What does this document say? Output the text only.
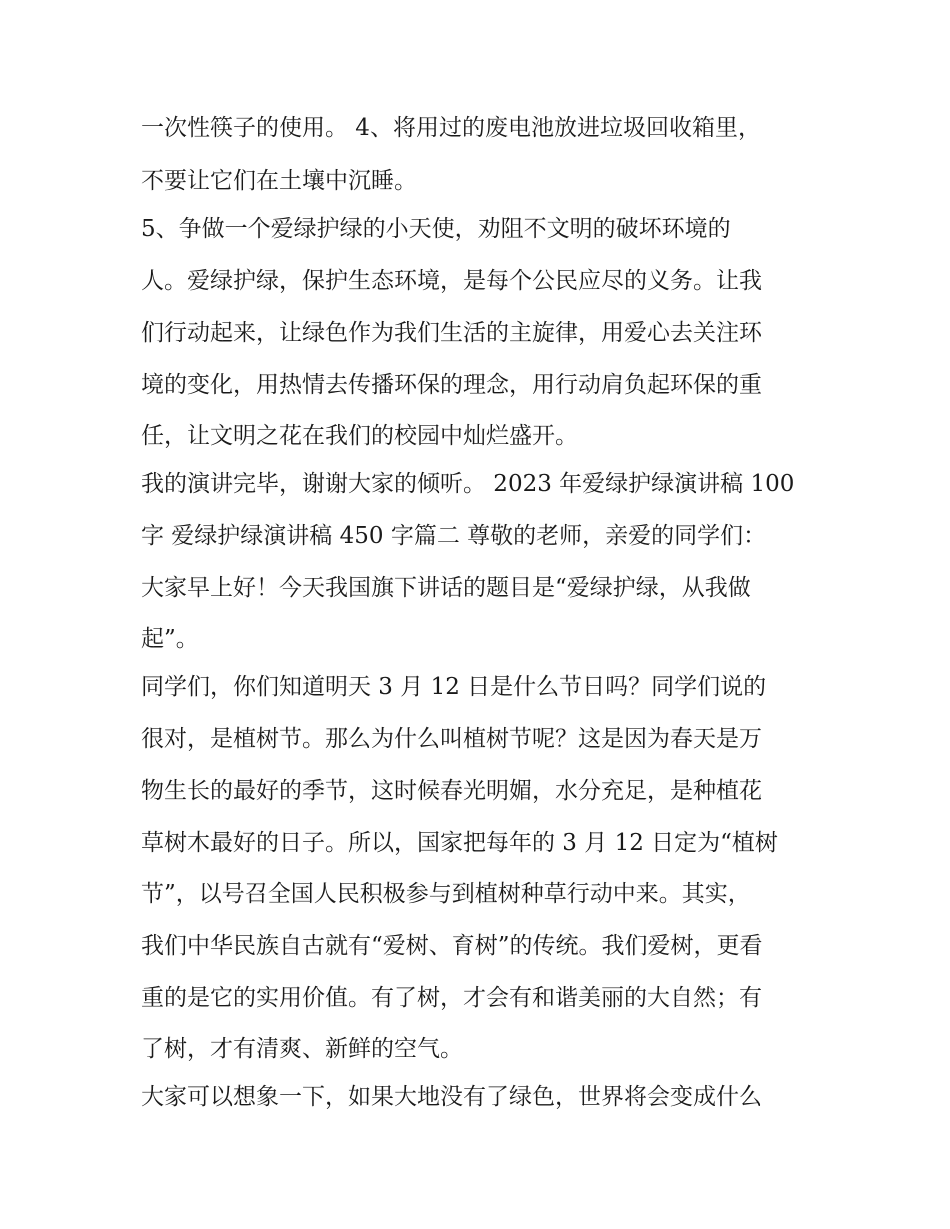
一次性筷子的使用。 4、将用过的废电池放进垃圾回收箱里，

不要让它们在土壤中沉睡。

5、争做一个爱绿护绿的小天使，劝阻不文明的破坏环境的

人。爱绿护绿，保护生态环境，是每个公民应尽的义务。让我

们行动起来，让绿色作为我们生活的主旋律，用爱心去关注环

境的变化，用热情去传播环保的理念，用行动肩负起环保的重

任，让文明之花在我们的校园中灿烂盛开。

我的演讲完毕，谢谢大家的倾听。 2023 年爱绿护绿演讲稿 100

字 爱绿护绿演讲稿 450 字篇二 尊敬的老师，亲爱的同学们：

大家早上好！今天我国旗下讲话的题目是“爱绿护绿，从我做

起”。

同学们，你们知道明天 3 月 12 日是什么节日吗？同学们说的

很对，是植树节。那么为什么叫植树节呢？这是因为春天是万

物生长的最好的季节，这时候春光明媚，水分充足，是种植花

草树木最好的日子。所以，国家把每年的 3 月 12 日定为“植树

节”，以号召全国人民积极参与到植树种草行动中来。其实，

我们中华民族自古就有“爱树、育树”的传统。我们爱树，更看

重的是它的实用价值。有了树，才会有和谐美丽的大自然；有

了树，才有清爽、新鲜的空气。

大家可以想象一下，如果大地没有了绿色，世界将会变成什么
